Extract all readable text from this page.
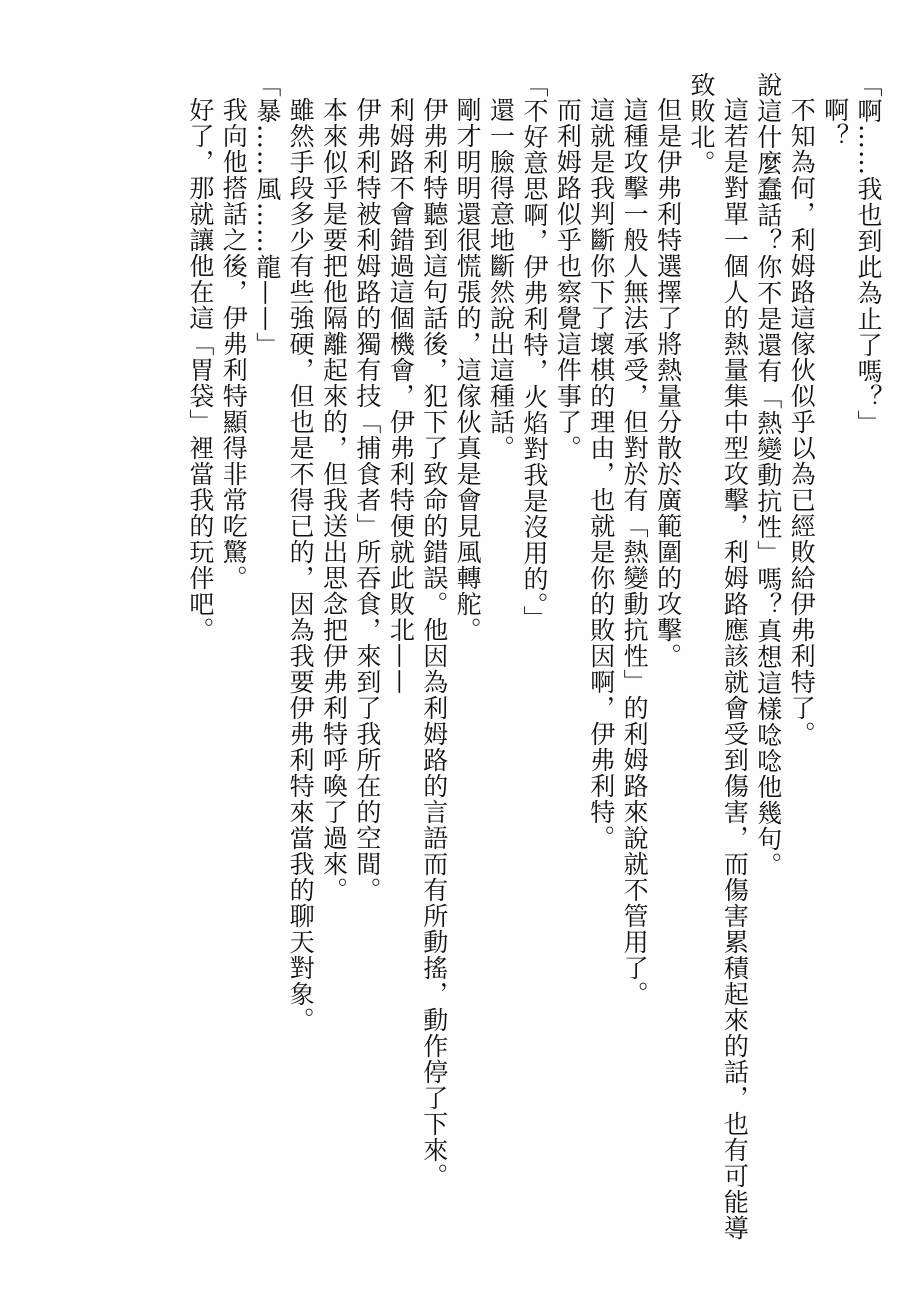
「啊……我也到此為止了嗎？」
啊？
不知為何，利姆路這傢伙似乎以為已經敗給伊弗利特了。
說這什麼蠢話？你不是還有「熱變動抗性」嗎？真想這樣唸唸他幾句。
這若是對單一個人的熱量集中型攻擊，利姆路應該就會受到傷害，而傷害累積起來的話，也有可能導
致敗北。
但是伊弗利特選擇了將熱量分散於廣範圍的攻擊。
這種攻擊一般人無法承受，但對於有「熱變動抗性」的利姆路來說就不管用了。
這就是我判斷你下了壞棋的理由，也就是你的敗因啊，伊弗利特。
而利姆路似乎也察覺這件事了。
「不好意思啊，伊弗利特，火焰對我是沒用的。」
還一臉得意地斷然說出這種話。
剛才明明還很慌張的，這傢伙真是會見風轉舵。
伊弗利特聽到這句話後，犯下了致命的錯誤。他因為利姆路的言語而有所動搖，動作停了下來。
利姆路不會錯過這個機會，伊弗利特便就此敗北——
伊弗利特被利姆路的獨有技「捕食者」所吞食，來到了我所在的空間。
本來似乎是要把他隔離起來的，但我送出思念把伊弗利特呼喚了過來。
雖然手段多少有些強硬，但也是不得已的，因為我要伊弗利特來當我的聊天對象。
「暴……風……龍——」
我向他搭話之後，伊弗利特顯得非常吃驚。
好了，那就讓他在這「胃袋」裡當我的玩伴吧。
